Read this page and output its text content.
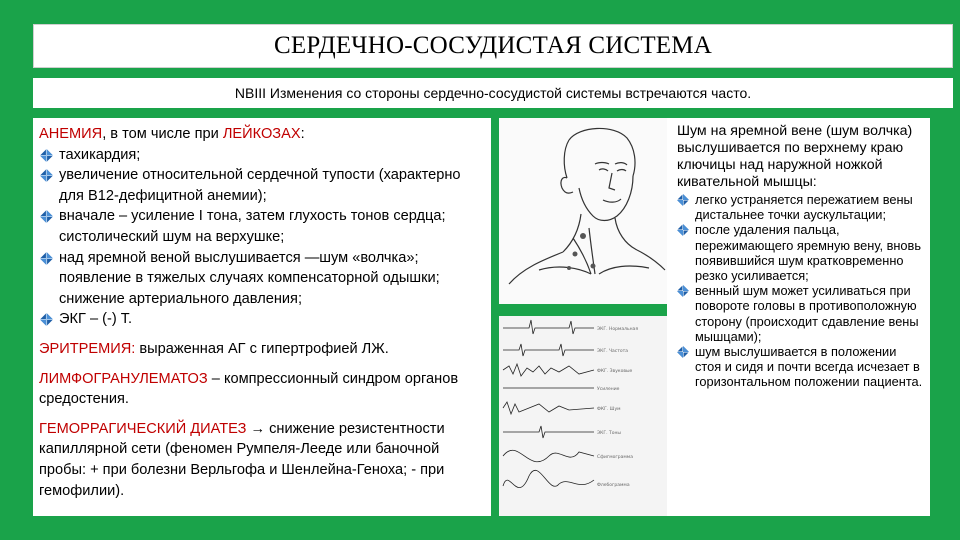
СЕРДЕЧНО-СОСУДИСТАЯ СИСТЕМА
NBIII Изменения со стороны сердечно-сосудистой системы встречаются часто.

АНЕМИЯ, в том числе при ЛЕЙКОЗАХ:

тахикардия;
увеличение относительной сердечной тупости (характерно для В12-дефицитной анемии);
вначале – усиление I тона, затем глухость тонов сердца; систолический шум на верхушке;
над яремной веной выслушивается —шум «волчка»; появление в тяжелых случаях компенсаторной одышки; снижение артериального давления;
ЭКГ – (-) Т.

ЭРИТРЕМИЯ: выраженная АГ с гипертрофией ЛЖ.

ЛИМФОГРАНУЛЕМАТОЗ – компрессионный синдром органов средостения.

ГЕМОРРАГИЧЕСКИЙ ДИАТЕЗ → снижение резистентности капиллярной сети (феномен Румпеля-Лееде или баночной пробы: + при болезни Верльгофа и Шенлейна-Геноха; - при гемофилии).

ЭКГ. Нормальная
ЭКГ. Частота
ФКГ. Звуковые
Усиление
ФКГ. Шум
ЭКГ. Тоны
Сфигмограмма
Флебограмма
Шум на яремной вене (шум волчка) выслушивается по верхнему краю ключицы над наружной ножкой кивательной мышцы:
легко устраняется пережатием вены дистальнее точки аускультации;
после удаления пальца, пережимающего яремную вену, вновь появившийся шум кратковременно резко усиливается;
венный шум может усиливаться при повороте головы в противоположную сторону (происходит сдавление вены мышцами);
шум выслушивается в положении стоя и сидя и почти всегда исчезает в горизонтальном положении пациента.
